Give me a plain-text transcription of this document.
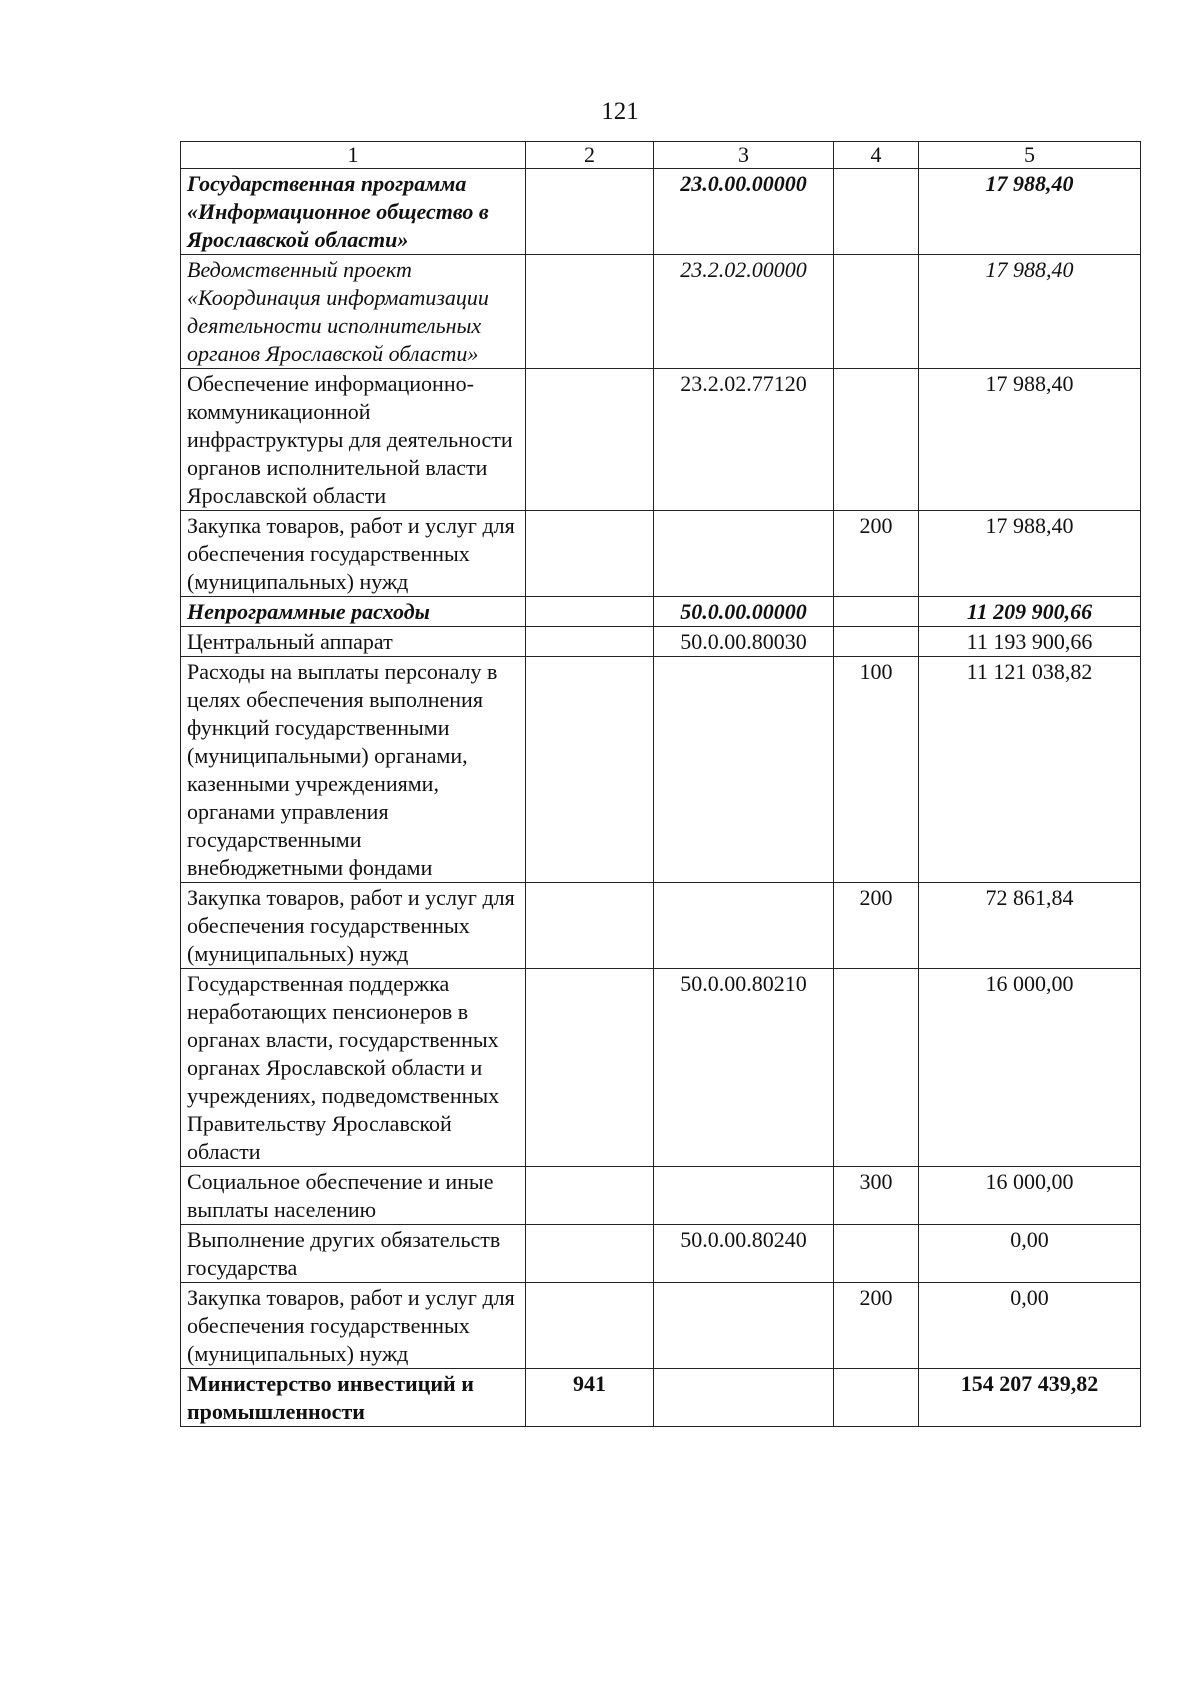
121
1	2	3	4	5
Государственная программа «Информационное общество в Ярославской области»		23.0.00.00000		17 988,40
Ведомственный проект «Координация информатизации деятельности исполнительных органов Ярославской области»		23.2.02.00000		17 988,40
Обеспечение информационно-коммуникационной инфраструктуры для деятельности органов исполнительной власти Ярославской области		23.2.02.77120		17 988,40
Закупка товаров, работ и услуг для обеспечения государственных (муниципальных) нужд			200	17 988,40
Непрограммные расходы		50.0.00.00000		11 209 900,66
Центральный аппарат		50.0.00.80030		11 193 900,66
Расходы на выплаты персоналу в целях обеспечения выполнения функций государственными (муниципальными) органами, казенными учреждениями, органами управления государственными внебюджетными фондами			100	11 121 038,82
Закупка товаров, работ и услуг для обеспечения государственных (муниципальных) нужд			200	72 861,84
Государственная поддержка неработающих пенсионеров в органах власти, государственных органах Ярославской области и учреждениях, подведомственных Правительству Ярославской области		50.0.00.80210		16 000,00
Социальное обеспечение и иные выплаты населению			300	16 000,00
Выполнение других обязательств государства		50.0.00.80240		0,00
Закупка товаров, работ и услуг для обеспечения государственных (муниципальных) нужд			200	0,00
Министерство инвестиций и промышленности	941			154 207 439,82
